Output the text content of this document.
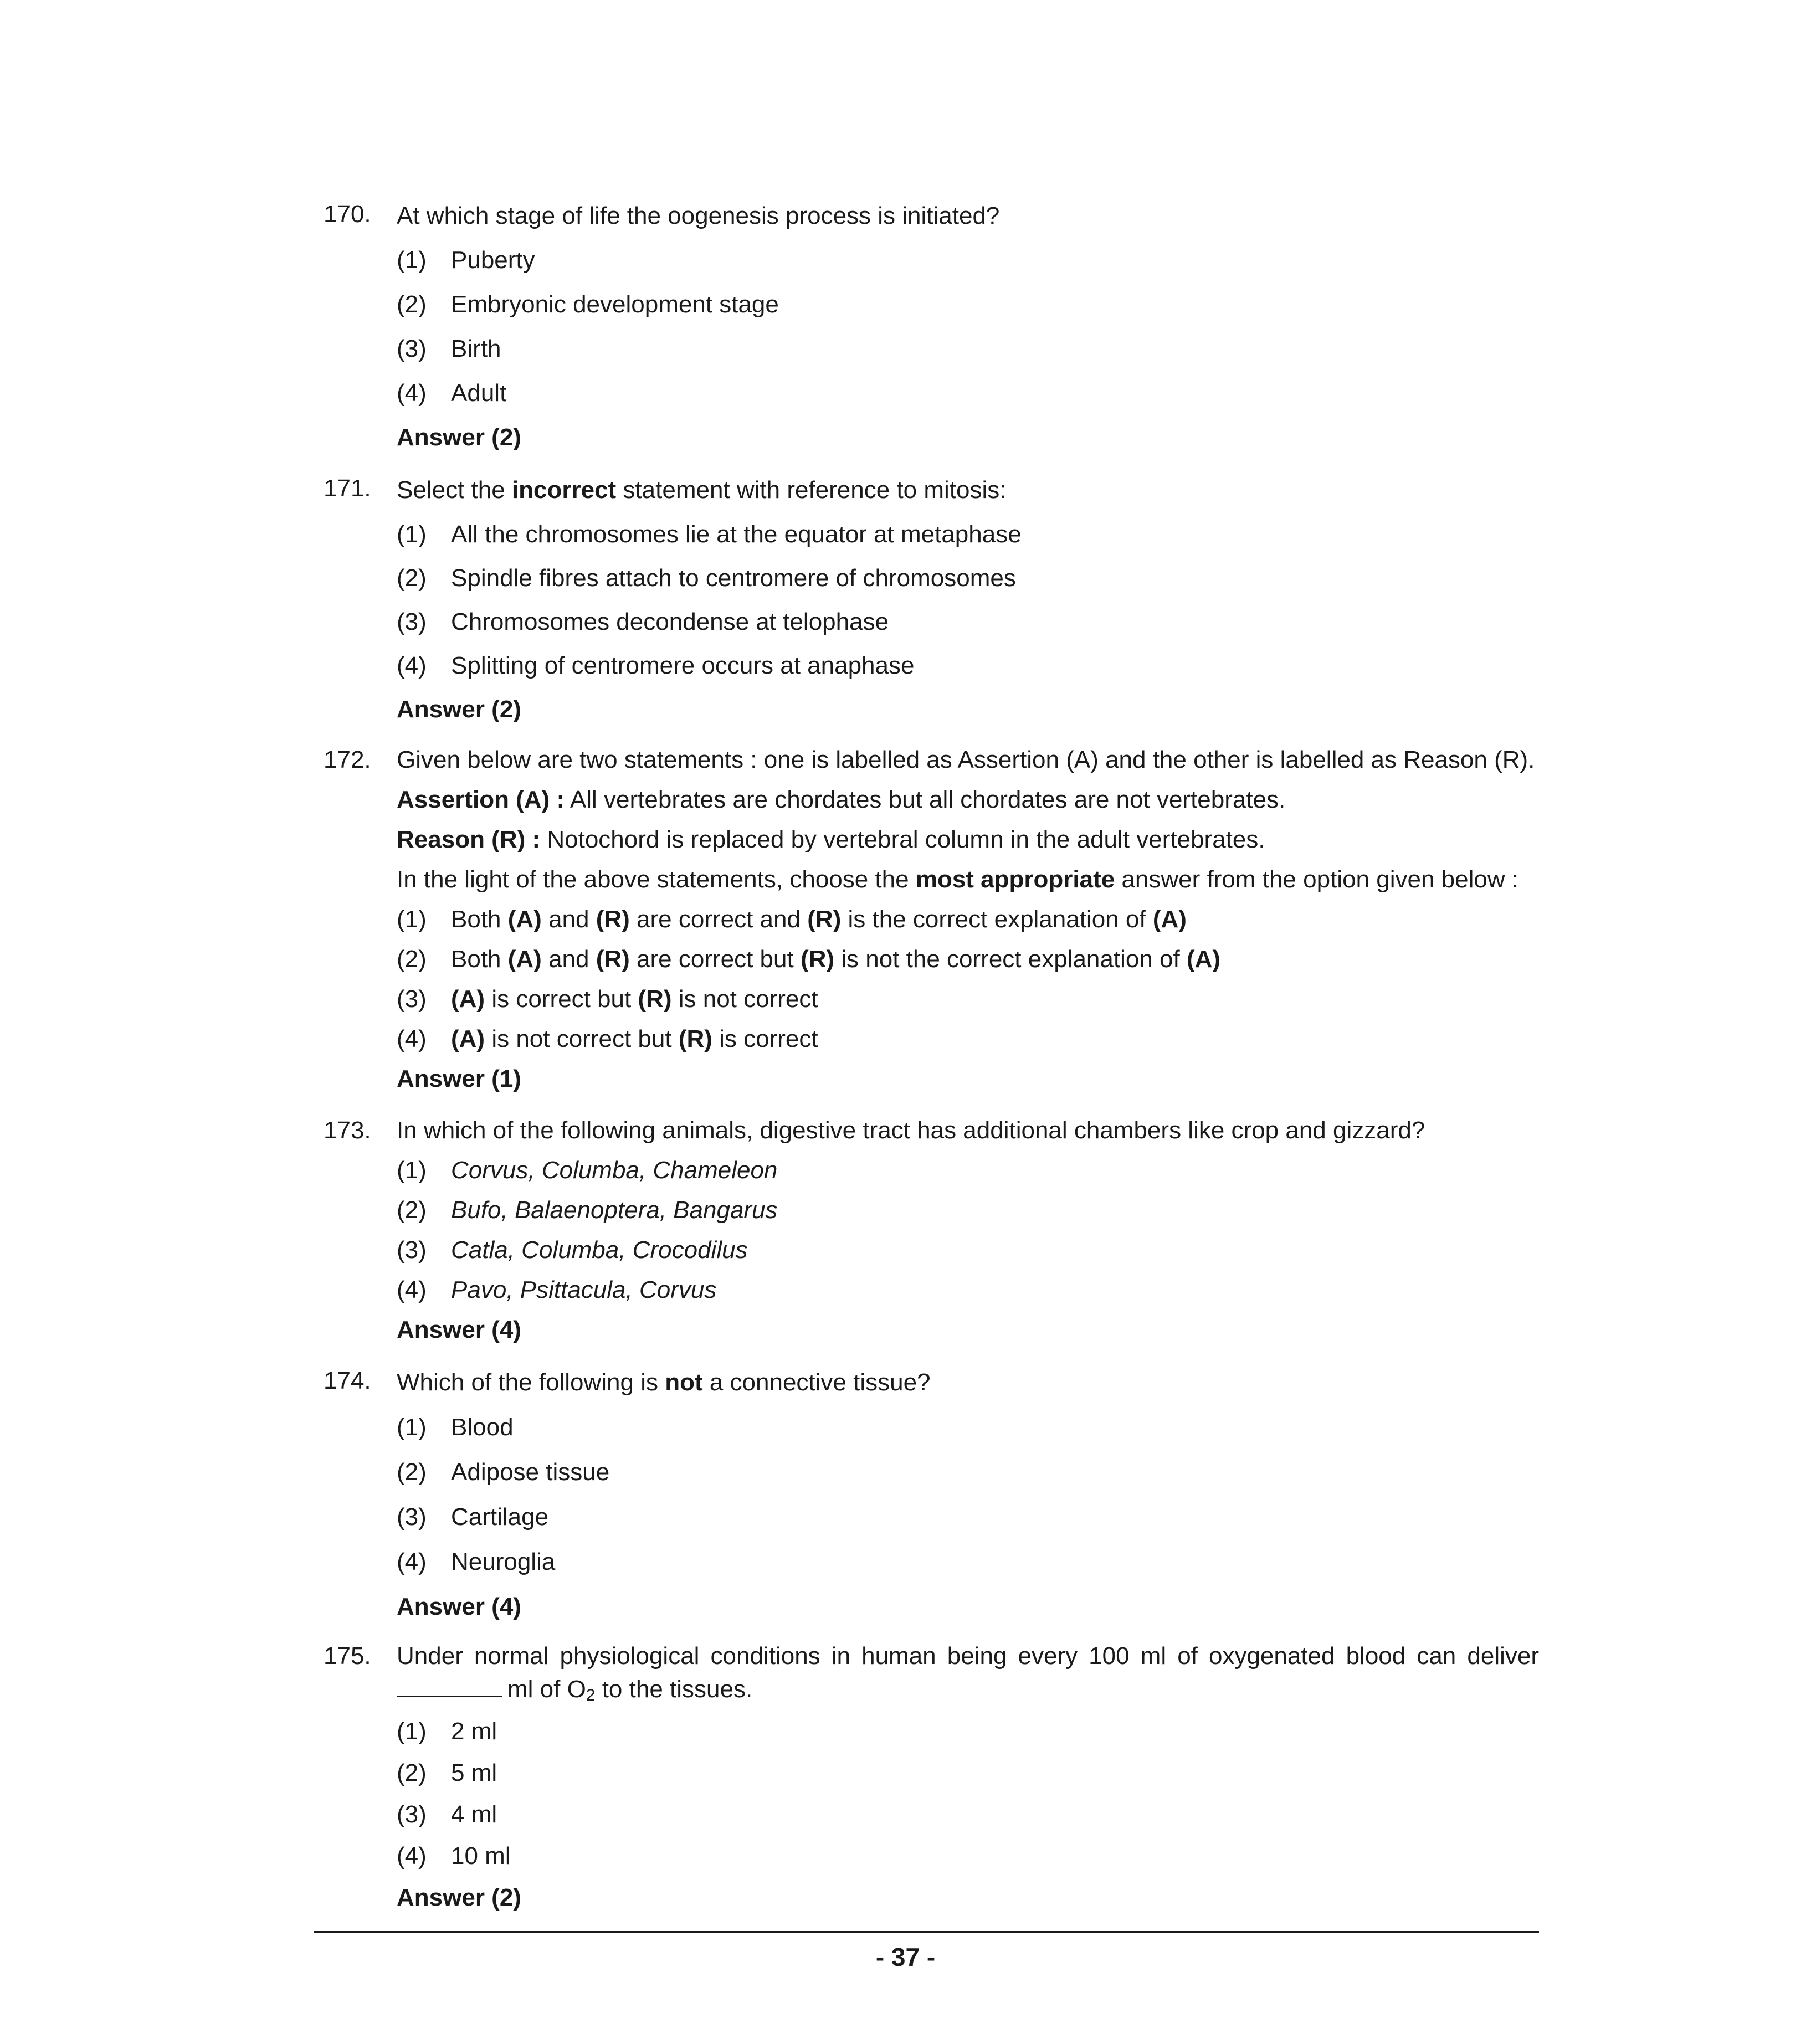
170. At which stage of life the oogenesis process is initiated?
(1) Puberty
(2) Embryonic development stage
(3) Birth
(4) Adult
Answer (2)
171. Select the incorrect statement with reference to mitosis:
(1) All the chromosomes lie at the equator at metaphase
(2) Spindle fibres attach to centromere of chromosomes
(3) Chromosomes decondense at telophase
(4) Splitting of centromere occurs at anaphase
Answer (2)
172. Given below are two statements : one is labelled as Assertion (A) and the other is labelled as Reason (R).
Assertion (A) : All vertebrates are chordates but all chordates are not vertebrates.
Reason (R) : Notochord is replaced by vertebral column in the adult vertebrates.
In the light of the above statements, choose the most appropriate answer from the option given below :
(1) Both (A) and (R) are correct and (R) is the correct explanation of (A)
(2) Both (A) and (R) are correct but (R) is not the correct explanation of (A)
(3) (A) is correct but (R) is not correct
(4) (A) is not correct but (R) is correct
Answer (1)
173. In which of the following animals, digestive tract has additional chambers like crop and gizzard?
(1) Corvus, Columba, Chameleon
(2) Bufo, Balaenoptera, Bangarus
(3) Catla, Columba, Crocodilus
(4) Pavo, Psittacula, Corvus
Answer (4)
174. Which of the following is not a connective tissue?
(1) Blood
(2) Adipose tissue
(3) Cartilage
(4) Neuroglia
Answer (4)
175. Under normal physiological conditions in human being every 100 ml of oxygenated blood can deliver
ml of $O_2$ to the tissues.
(1) 2 ml
(2) 5 ml
(3) 4 ml
(4) 10 ml
Answer (2)
- 37 -
